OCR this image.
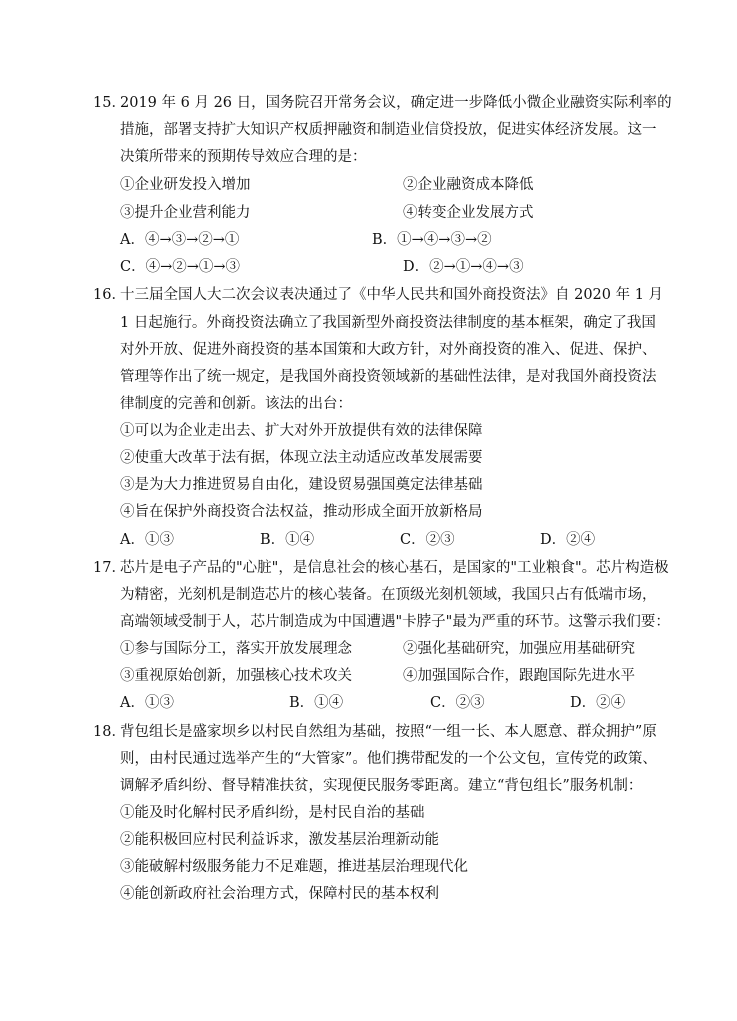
15．
2019 年 6 月 26 日，国务院召开常务会议，确定进一步降低小微企业融资实际利率的
措施，部署支持扩大知识产权质押融资和制造业信贷投放，促进实体经济发展。这一
决策所带来的预期传导效应合理的是：
①企业研发投入增加	②企业融资成本降低
③提升企业营利能力	④转变企业发展方式
A．④→③→②→①	B．①→④→③→②
C．④→②→①→③	D．②→①→④→③
16．
十三届全国人大二次会议表决通过了《中华人民共和国外商投资法》自 2020 年 1 月
1 日起施行。外商投资法确立了我国新型外商投资法律制度的基本框架，确定了我国
对外开放、促进外商投资的基本国策和大政方针，对外商投资的准入、促进、保护、
管理等作出了统一规定，是我国外商投资领域新的基础性法律，是对我国外商投资法
律制度的完善和创新。该法的出台：
①可以为企业走出去、扩大对外开放提供有效的法律保障
②使重大改革于法有据，体现立法主动适应改革发展需要
③是为大力推进贸易自由化，建设贸易强国奠定法律基础
④旨在保护外商投资合法权益，推动形成全面开放新格局
A．①③	B．①④	C．②③	D．②④
17．
芯片是电子产品的"心脏"，是信息社会的核心基石，是国家的"工业粮食"。芯片构造极
为精密，光刻机是制造芯片的核心装备。在顶级光刻机领域，我国只占有低端市场，
高端领域受制于人，芯片制造成为中国遭遇"卡脖子"最为严重的环节。这警示我们要：
①参与国际分工，落实开放发展理念	②强化基础研究，加强应用基础研究
③重视原始创新，加强核心技术攻关	④加强国际合作，跟跑国际先进水平
A．①③	B．①④	C．②③	D．②④
18．
背包组长是盛家坝乡以村民自然组为基础，按照“一组一长、本人愿意、群众拥护”原
则，由村民通过选举产生的“大管家”。他们携带配发的一个公文包，宣传党的政策、
调解矛盾纠纷、督导精准扶贫，实现便民服务零距离。建立“背包组长”服务机制：
①能及时化解村民矛盾纠纷，是村民自治的基础
②能积极回应村民利益诉求，激发基层治理新动能
③能破解村级服务能力不足难题，推进基层治理现代化
④能创新政府社会治理方式，保障村民的基本权利
